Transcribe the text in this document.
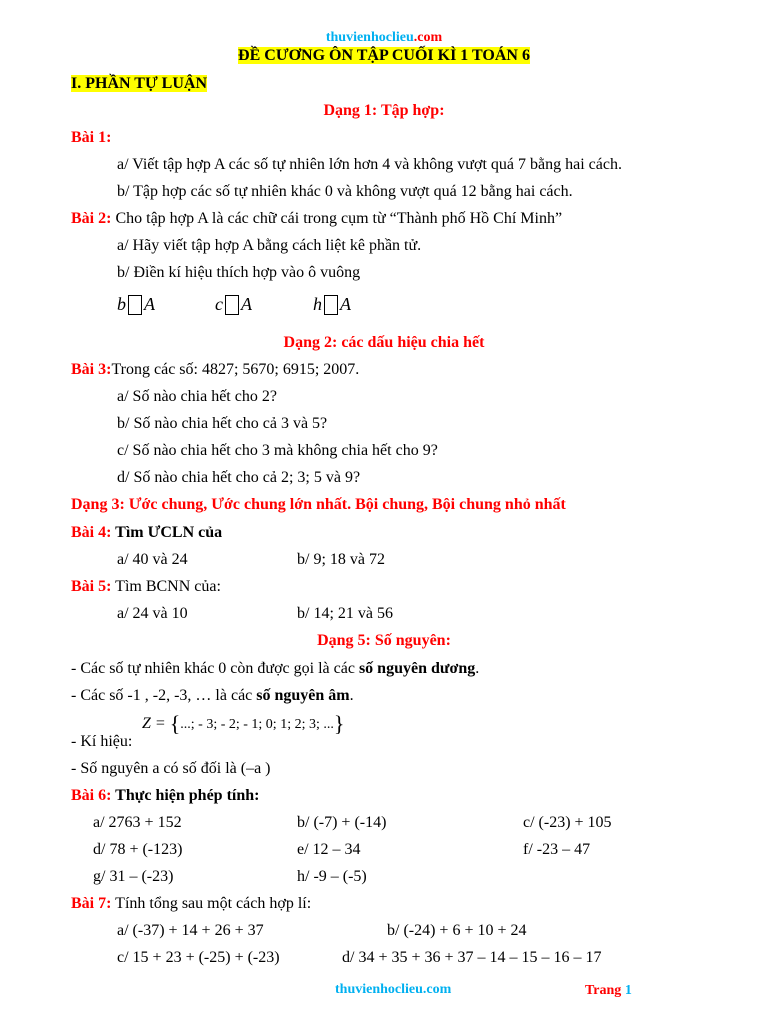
thuvienhoclieu.com
ĐỀ CƯƠNG ÔN TẬP CUỐI KÌ 1 TOÁN 6
I. PHẦN TỰ LUẬN
Dạng 1: Tập hợp:
Bài 1:
a/ Viết tập hợp A các số tự nhiên lớn hơn 4 và không vượt quá 7 bằng hai cách.
b/ Tập hợp các số tự nhiên khác 0 và không vượt quá 12 bằng hai cách.
Bài 2: Cho tập hợp A là các chữ cái trong cụm từ “Thành phố Hồ Chí Minh”
a/ Hãy viết tập hợp A bằng cách liệt kê phần tử.
b/ Điền kí hiệu thích hợp vào ô vuông
b A	c A	h A
Dạng 2: các dấu hiệu chia hết
Bài 3:Trong các số: 4827; 5670; 6915; 2007.
a/ Số nào chia hết cho 2?
b/ Số nào chia hết cho cả 3 và 5?
c/ Số nào chia hết cho 3 mà không chia hết cho 9?
d/ Số nào chia hết cho cả 2; 3; 5 và 9?
Dạng 3: Ước chung, Ước chung lớn nhất. Bội chung, Bội chung nhỏ nhất
Bài 4: Tìm ƯCLN của
a/ 40 và 24	b/ 9; 18 và 72
Bài 5: Tìm BCNN của:
a/ 24 và 10	b/ 14; 21 và 56
Dạng 5: Số nguyên:
- Các số tự nhiên khác 0 còn được gọi là các số nguyên dương.
- Các số -1 , -2, -3, … là các số nguyên âm.
Z = {...; - 3; - 2; - 1; 0; 1; 2; 3; ...}
- Kí hiệu:
- Số nguyên a có số đối là (–a )
Bài 6: Thực hiện phép tính:
a/ 2763 + 152	b/ (-7) + (-14)	c/ (-23) + 105
d/ 78 + (-123)	e/ 12 – 34	f/ -23 – 47
g/ 31 – (-23)	h/ -9 – (-5)
Bài 7: Tính tổng sau một cách hợp lí:
a/ (-37) + 14 + 26 + 37	b/ (-24) + 6 + 10 + 24
c/ 15 + 23 + (-25) + (-23)	d/ 34 + 35 + 36 + 37 – 14 – 15 – 16 – 17
thuvienhoclieu.com	Trang 1
